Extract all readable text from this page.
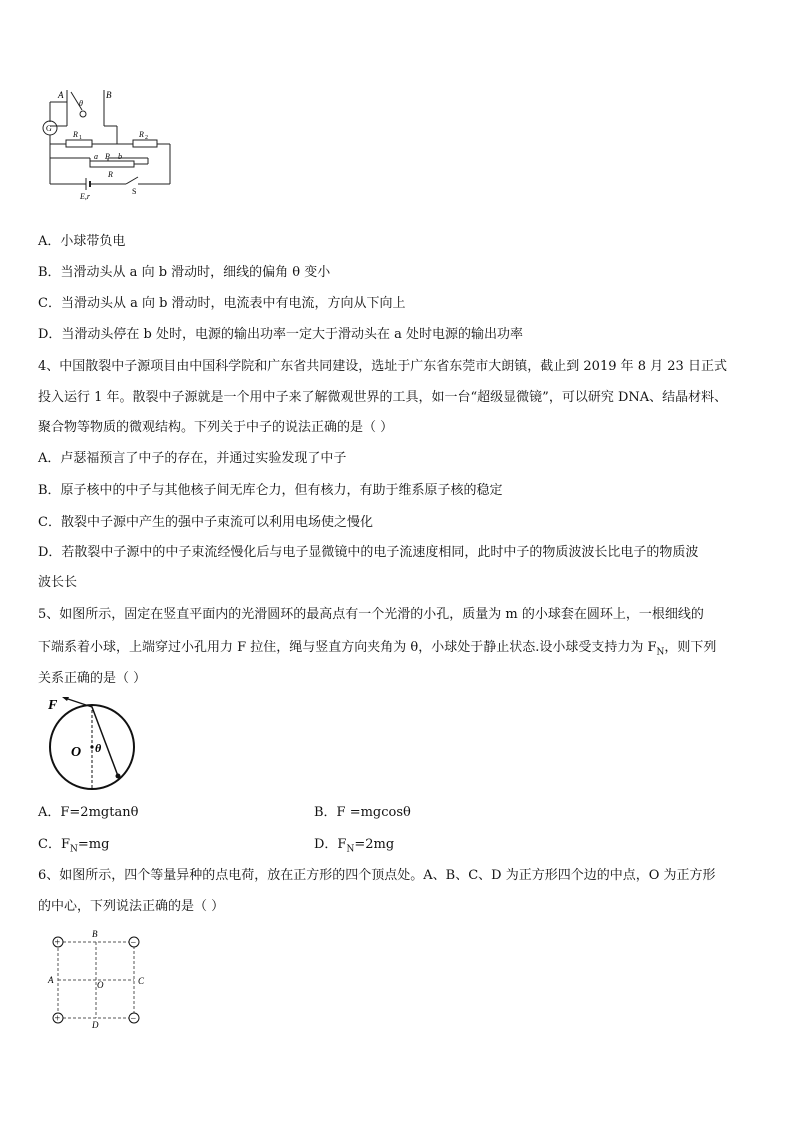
A	B
θ
G
R 1	R 2
a P b
R
E,r
S
A．小球带负电
B．当滑动头从 a 向 b 滑动时，细线的偏角 θ 变小
C．当滑动头从 a 向 b 滑动时，电流表中有电流，方向从下向上
D．当滑动头停在 b 处时，电源的输出功率一定大于滑动头在 a 处时电源的输出功率
4、中国散裂中子源项目由中国科学院和广东省共同建设，选址于广东省东莞市大朗镇，截止到 2019 年 8 月 23 日正式
投入运行 1 年。散裂中子源就是一个用中子来了解微观世界的工具，如一台“超级显微镜”，可以研究 DNA、结晶材料、
聚合物等物质的微观结构。下列关于中子的说法正确的是（ ）
A．卢瑟福预言了中子的存在，并通过实验发现了中子
B．原子核中的中子与其他核子间无库仑力，但有核力，有助于维系原子核的稳定
C．散裂中子源中产生的强中子束流可以利用电场使之慢化
D．若散裂中子源中的中子束流经慢化后与电子显微镜中的电子流速度相同，此时中子的物质波波长比电子的物质波
波长长
5、如图所示，固定在竖直平面内的光滑圆环的最高点有一个光滑的小孔，质量为 m 的小球套在圆环上，一根细线的
下端系着小球，上端穿过小孔用力 F 拉住，绳与竖直方向夹角为 θ，小球处于静止状态.设小球受支持力为 $F_N$，则下列
关系正确的是（ ）
F
O θ
A．F=2mgtanθ	B．F =mgcosθ
C．$F_N=mg$	D．$F_N=2mg$
6、如图所示，四个等量异种的点电荷，放在正方形的四个顶点处。A、B、C、D 为正方形四个边的中点，O 为正方形
的中心，下列说法正确的是（ ）
+	−
+	−
B
A	C
D
O
